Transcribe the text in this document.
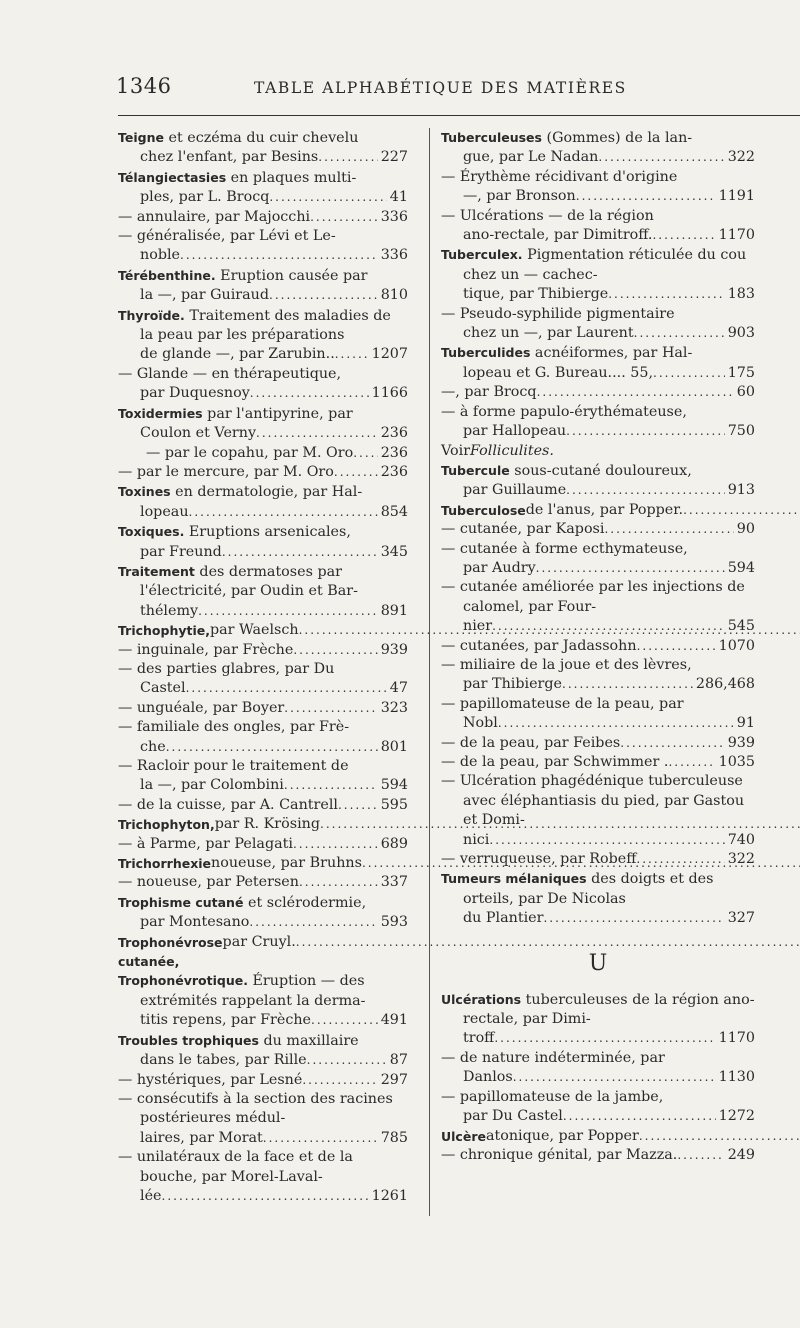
1346	TABLE ALPHABÉTIQUE DES MATIÈRES

Teigne et eczéma du cuir chevelu
chez l'enfant, par Besins .....	227

Télangiectasies en plaques multi-
ples, par L. Brocq .....	41

— annulaire, par Majocchi .....	336

— généralisée, par Lévi et Le-
noble .....	336

Térébenthine. Eruption causée par
la —, par Guiraud .....	810

Thyroïde. Traitement des maladies de la peau par les préparations
de glande —, par Zarubin.. .....	1207

— Glande — en thérapeutique,
par Duquesnoy .....	1166

Toxidermies par l'antipyrine, par
Coulon et Verny .....	236

— par le copahu, par M. Oro ..... 236

— par le mercure, par M. Oro .....	236

Toxines en dermatologie, par Hal-
lopeau .....	854

Toxiques. Eruptions arsenicales,
par Freund .....	345

Traitement des dermatoses par l'électricité, par Oudin et Bar-
thélemy .....	891

Trichophytie, par Waelsch
.....

— inguinale, par Frèche .....	939

— des parties glabres, par Du
Castel .....	47

— unguéale, par Boyer .....	323

— familiale des ongles, par Frè-
che .....	801

— Racloir pour le traitement de
la —, par Colombini .....	594

— de la cuisse, par A. Cantrell .....	595

Trichophyton, par R. Krösing
.....

— à Parme, par Pelagati .....	689

Trichorrhexie noueuse, par Bruhns
.....

— noueuse, par Petersen .....	337

Trophisme cutané et sclérodermie,
par Montesano .....	593

Trophonévrose cutanée,
par Cruyl.
.....

Trophonévrotique. Éruption — des extrémités rappelant la derma-
titis repens, par Frèche .....	491

Troubles trophiques du maxillaire
dans le tabes, par Rille .....	87

— hystériques, par Lesné .....	297

— consécutifs à la section des racines postérieures médul-
laires, par Morat .....	785

— unilatéraux de la face et de la bouche, par Morel-Laval-
lée .....	1261

Tuberculeuses (Gommes) de la lan-
gue, par Le Nadan .....	322

— Érythème récidivant d'origine
—, par Bronson .....	1191

— Ulcérations — de la région
ano-rectale, par Dimitroff. .....	1170

Tuberculex. Pigmentation réticulée du cou chez un — cachec-
tique, par Thibierge .....	183

— Pseudo-syphilide pigmentaire
chez un —, par Laurent .....	903

Tuberculides acnéiformes, par Hal-
lopeau et G. Bureau.... 55, .....	175

—, par Brocq .....	60

— à forme papulo-érythémateuse,
par Hallopeau .....	750

Voir Folliculites.

Tubercule sous-cutané douloureux,
par Guillaume .....	913

Tuberculose de l'anus, par Popper.
.....

— cutanée, par Kaposi .....	90

— cutanée à forme ecthymateuse,
par Audry .....	594

— cutanée améliorée par les injections de calomel, par Four-
nier .....	545

— cutanées, par Jadassohn .....	1070

— miliaire de la joue et des lèvres,
par Thibierge .....	286,468

— papillomateuse de la peau, par
Nobl .....	91

— de la peau, par Feibes .....	939

— de la peau, par Schwimmer . .....	1035

— Ulcération phagédénique tuberculeuse avec éléphantiasis du pied, par Gastou et Domi-
nici .....	740

— verruqueuse, par Robeff .....	322

Tumeurs mélaniques des doigts et des orteils, par De Nicolas
du Plantier .....	327

U

Ulcérations tuberculeuses de la région ano-rectale, par Dimi-
troff .....	1170

— de nature indéterminée, par
Danlos .....	1130

— papillomateuse de la jambe,
par Du Castel .....	1272

Ulcère atonique, par Popper
.....

— chronique génital, par Mazza. .....	249
